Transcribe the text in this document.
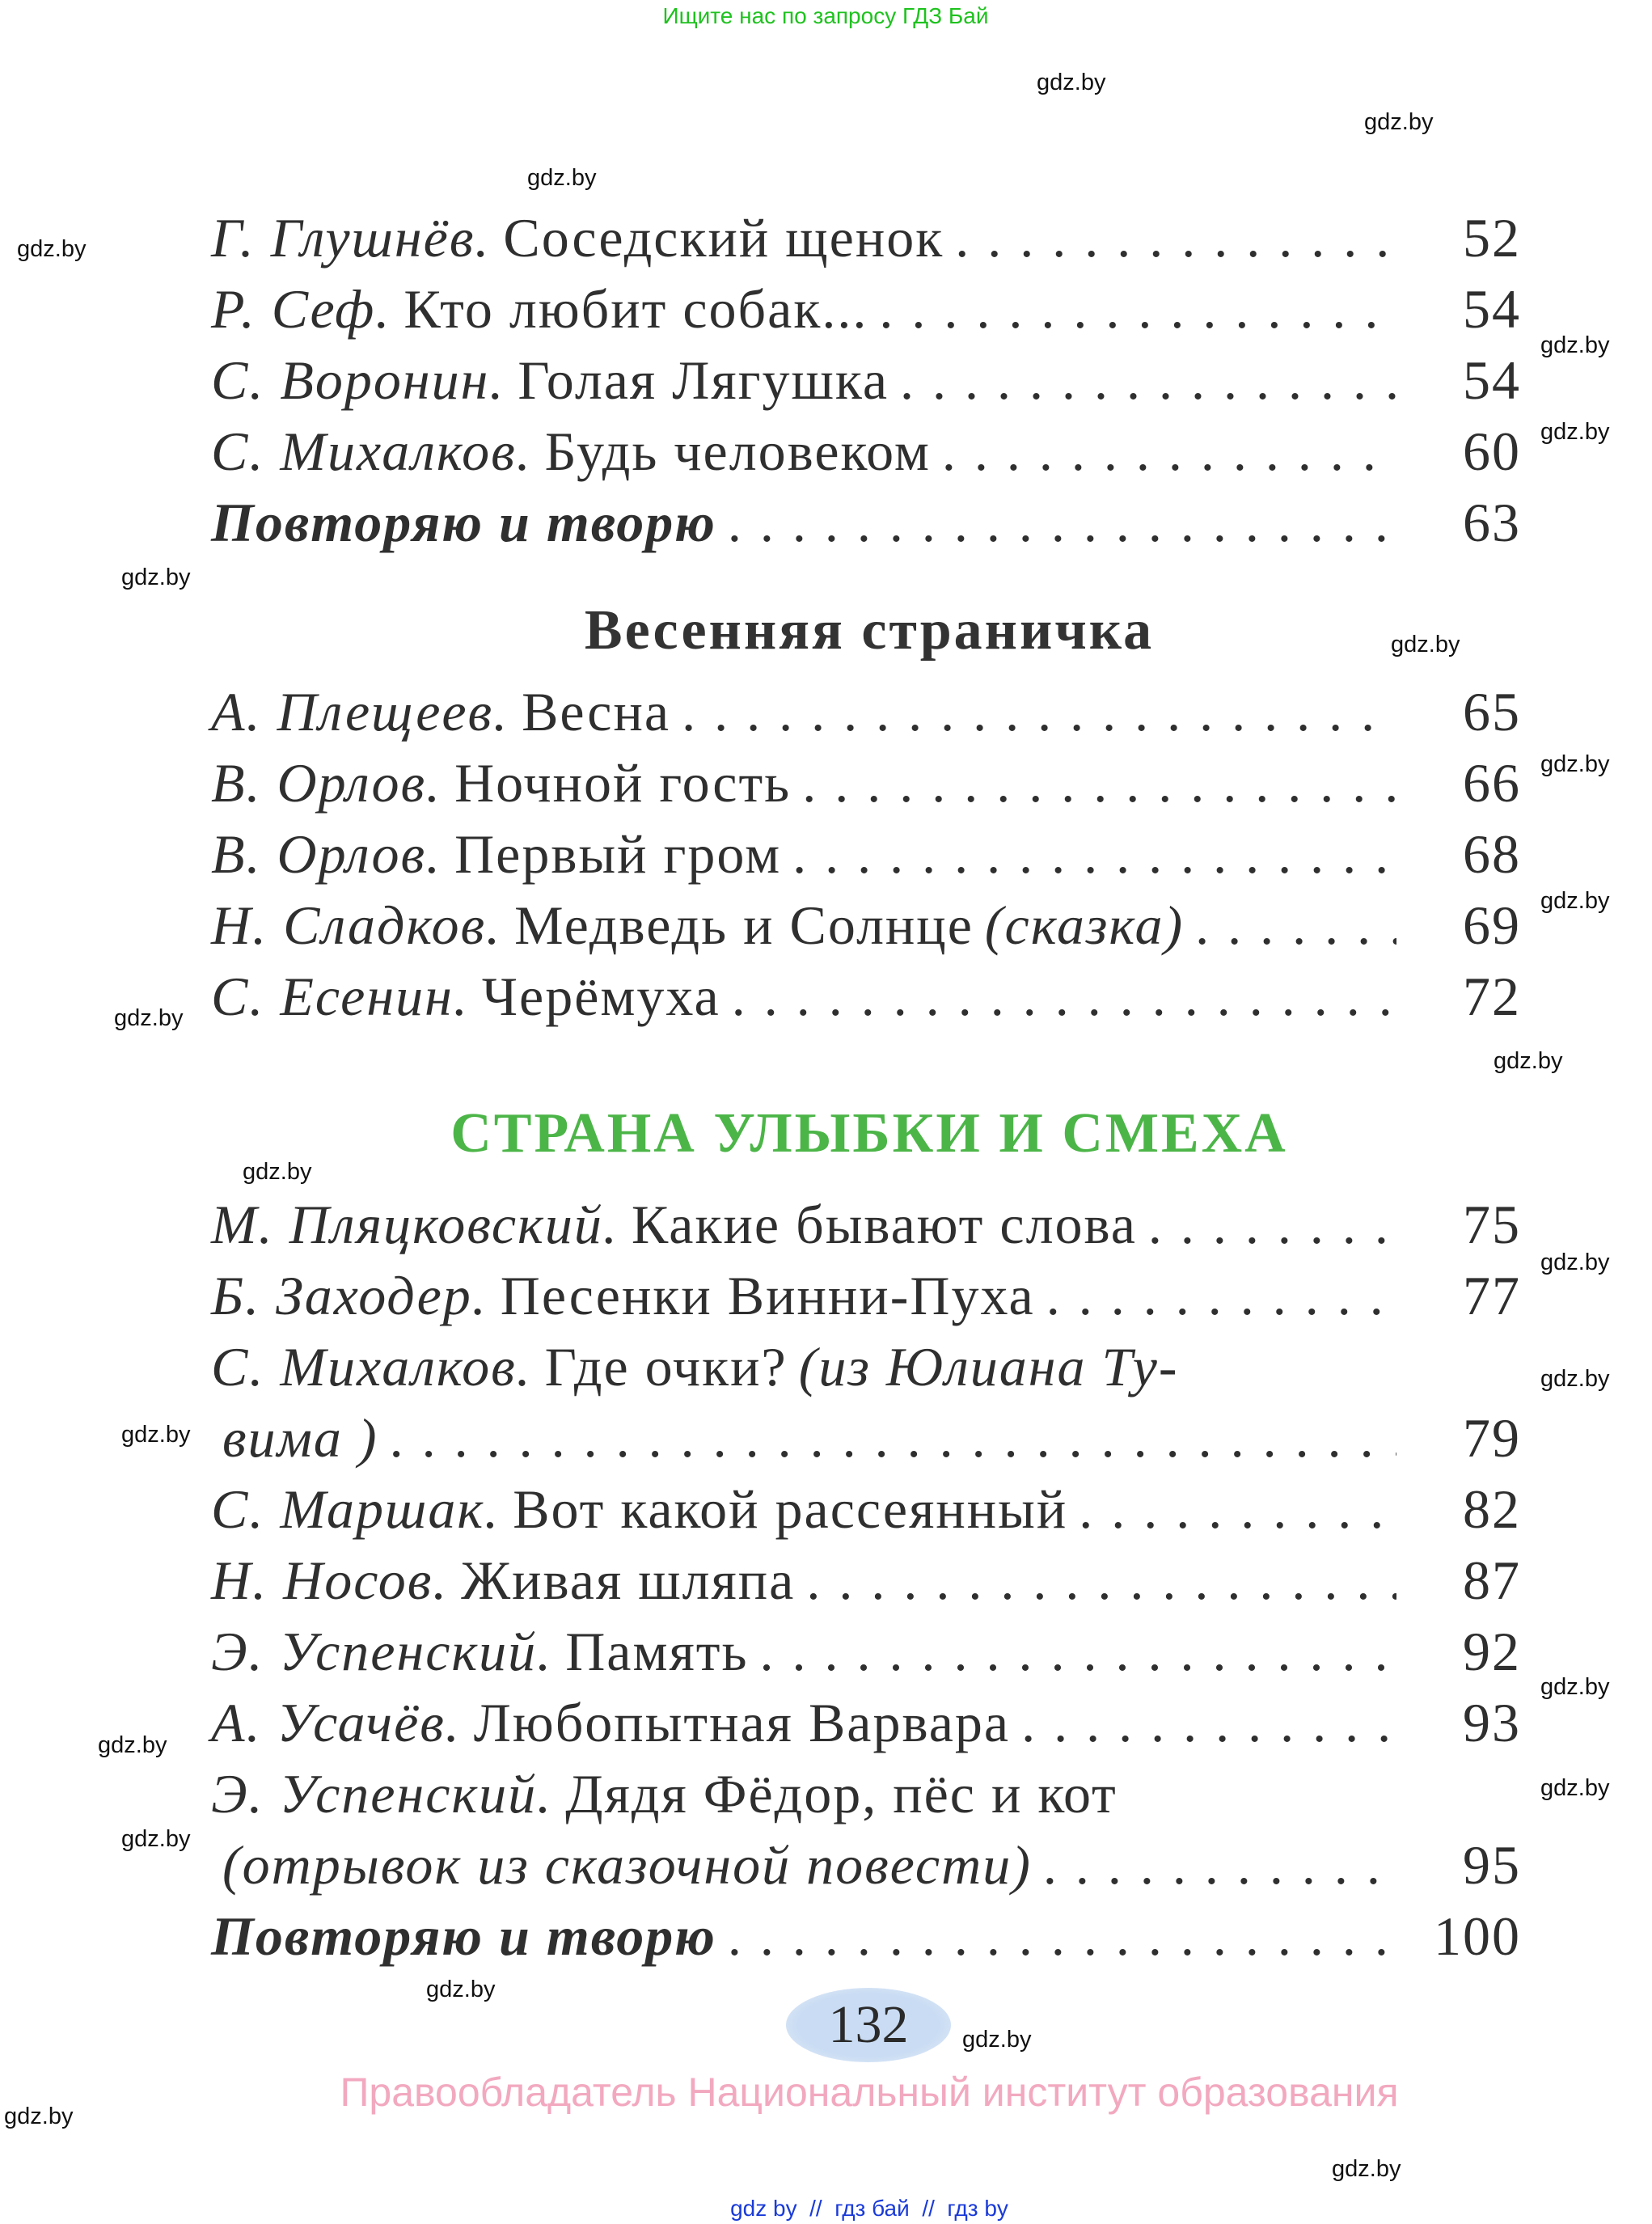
Ищите нас по запросу ГДЗ Бай
Весенняя страничка
СТРАНА УЛЫБКИ И СМЕХА
Г. Глушнёв. Соседский щенок . . .	52
Р. Сеф. Кто любит собак... . . .	54
С. Воронин. Голая Лягушка . . .	54
С. Михалков. Будь человеком . . .	60
Повторяю и творю . . .	63
А. Плещеев. Весна . . .	65
В. Орлов. Ночной гость . . .	66
В. Орлов. Первый гром . . .	68
Н. Сладков. Медведь и Солнце (сказка) . . .	69
С. Есенин. Черёмуха . . .	72
М. Пляцковский. Какие бывают слова . . .	75
Б. Заходер. Песенки Винни-Пуха . . .	77
С. Михалков. Где очки? (из Юлиана Ту-
вима ) . . .	79
С. Маршак. Вот какой рассеянный . . .	82
Н. Носов. Живая шляпа . . .	87
Э. Успенский. Память . . .	92
А. Усачёв. Любопытная Варвара . . .	93
Э. Успенский. Дядя Фёдор, пёс и кот
(отрывок из сказочной повести) . . .	95
Повторяю и творю . . .	100
132
Правообладатель Национальный институт образования
gdz by  //  гдз бай  //  гдз by
gdz.by
gdz.by
gdz.by
gdz.by
gdz.by
gdz.by
gdz.by
gdz.by
gdz.by
gdz.by
gdz.by
gdz.by
gdz.by
gdz.by
gdz.by
gdz.by
gdz.by
gdz.by
gdz.by
gdz.by
gdz.by
gdz.by
gdz.by
gdz.by
